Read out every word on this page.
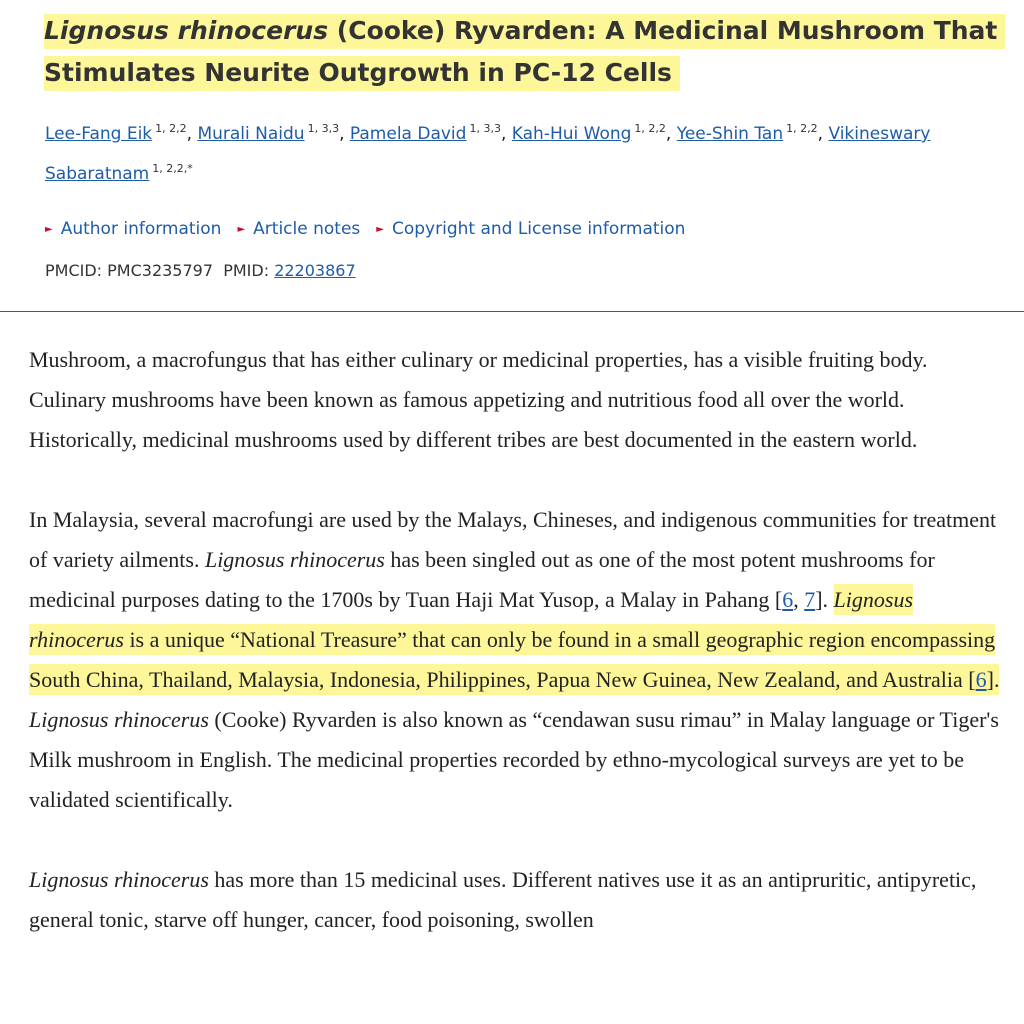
Lignosus rhinocerus (Cooke) Ryvarden: A Medicinal Mushroom That Stimulates Neurite Outgrowth in PC-12 Cells
Lee-Fang Eik $^{1, 2,2}$, Murali Naidu $^{1, 3,3}$, Pamela David $^{1, 3,3}$, Kah-Hui Wong $^{1, 2,2}$, Yee-Shin Tan $^{1, 2,2}$, Vikineswary Sabaratnam $^{1, 2,2,*}$
► Author information ► Article notes ► Copyright and License information
PMCID: PMC3235797 PMID: 22203867

Mushroom, a macrofungus that has either culinary or medicinal properties, has a visible fruiting body. Culinary mushrooms have been known as famous appetizing and nutritious food all over the world. Historically, medicinal mushrooms used by different tribes are best documented in the eastern world.

In Malaysia, several macrofungi are used by the Malays, Chineses, and indigenous communities for treatment of variety ailments. Lignosus rhinocerus has been singled out as one of the most potent mushrooms for medicinal purposes dating to the 1700s by Tuan Haji Mat Yusop, a Malay in Pahang [6, 7]. Lignosus rhinocerus is a unique “National Treasure” that can only be found in a small geographic region encompassing South China, Thailand, Malaysia, Indonesia, Philippines, Papua New Guinea, New Zealand, and Australia [6].
Lignosus rhinocerus (Cooke) Ryvarden is also known as “cendawan susu rimau” in Malay language or Tiger's Milk mushroom in English. The medicinal properties recorded by ethno-mycological surveys are yet to be validated scientifically.

Lignosus rhinocerus has more than 15 medicinal uses. Different natives use it as an antipruritic, antipyretic, general tonic, starve off hunger, cancer, food poisoning, swollen
